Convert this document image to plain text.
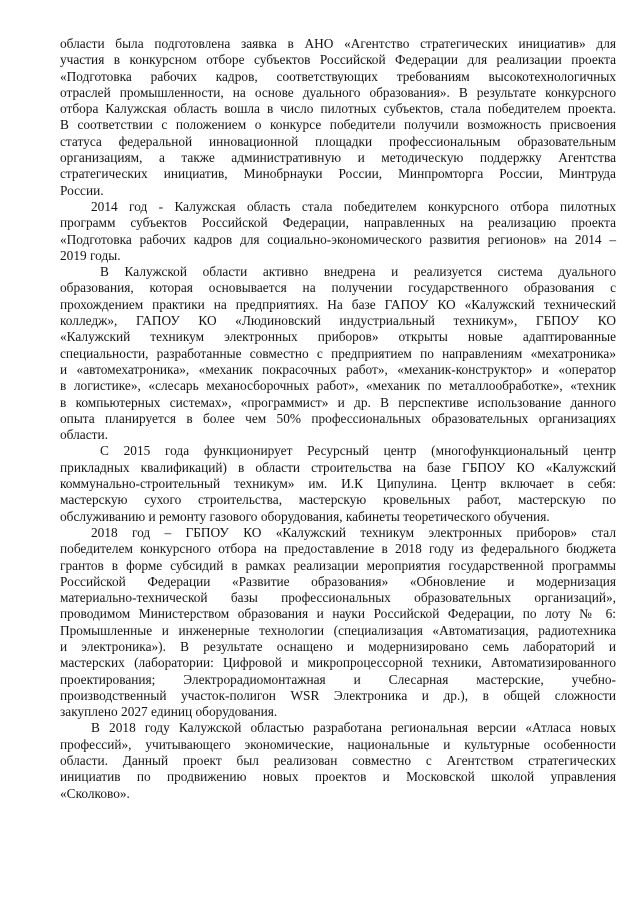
области была подготовлена заявка в АНО «Агентство стратегических инициатив» для
участия в конкурсном отборе субъектов Российской Федерации для реализации проекта
«Подготовка рабочих кадров, соответствующих требованиям высокотехнологичных
отраслей промышленности, на основе дуального образования». В результате конкурсного
отбора Калужская область вошла в число пилотных субъектов, стала победителем проекта.
В соответствии с положением о конкурсе победители получили возможность присвоения
статуса федеральной инновационной площадки профессиональным образовательным
организациям, а также административную и методическую поддержку Агентства
стратегических инициатив, Минобрнауки России, Минпромторга России, Минтруда
России.

2014 год - Калужская область стала победителем конкурсного отбора пилотных
программ субъектов Российской Федерации, направленных на реализацию проекта
«Подготовка рабочих кадров для социально-экономического развития регионов» на 2014 –
2019 годы.

В Калужской области активно внедрена и реализуется система дуального
образования, которая основывается на получении государственного образования с
прохождением практики на предприятиях. На базе ГАПОУ КО «Калужский технический
колледж», ГАПОУ КО «Людиновский индустриальный техникум», ГБПОУ КО
«Калужский техникум электронных приборов» открыты новые адаптированные
специальности, разработанные совместно с предприятием по направлениям «мехатроника»
и «автомехатроника», «механик покрасочных работ», «механик-конструктор» и «оператор
в логистике», «слесарь механосборочных работ», «механик по металлообработке», «техник
в компьютерных системах», «программист» и др. В перспективе использование данного
опыта планируется в более чем 50% профессиональных образовательных организациях
области.

С 2015 года функционирует Ресурсный центр (многофункциональный центр
прикладных квалификаций) в области строительства на базе ГБПОУ КО «Калужский
коммунально-строительный техникум» им. И.К Ципулина. Центр включает в себя:
мастерскую сухого строительства, мастерскую кровельных работ, мастерскую по
обслуживанию и ремонту газового оборудования, кабинеты теоретического обучения.

2018 год – ГБПОУ КО «Калужский техникум электронных приборов» стал
победителем конкурсного отбора на предоставление в 2018 году из федерального бюджета
грантов в форме субсидий в рамках реализации мероприятия государственной программы
Российской Федерации «Развитие образования» «Обновление и модернизация
материально-технической базы профессиональных образовательных организаций»,
проводимом Министерством образования и науки Российской Федерации, по лоту № 6:
Промышленные и инженерные технологии (специализация «Автоматизация, радиотехника
и электроника»). В результате оснащено и модернизировано семь лабораторий и
мастерских (лаборатории: Цифровой и микропроцессорной техники, Автоматизированного
проектирования; Электрорадиомонтажная и Слесарная мастерские, учебно-
производственный участок-полигон WSR Электроника и др.), в общей сложности
закуплено 2027 единиц оборудования.

В 2018 году Калужской областью разработана региональная версии «Атласа новых
профессий», учитывающего экономические, национальные и культурные особенности
области. Данный проект был реализован совместно с Агентством стратегических
инициатив по продвижению новых проектов и Московской школой управления
«Сколково».
